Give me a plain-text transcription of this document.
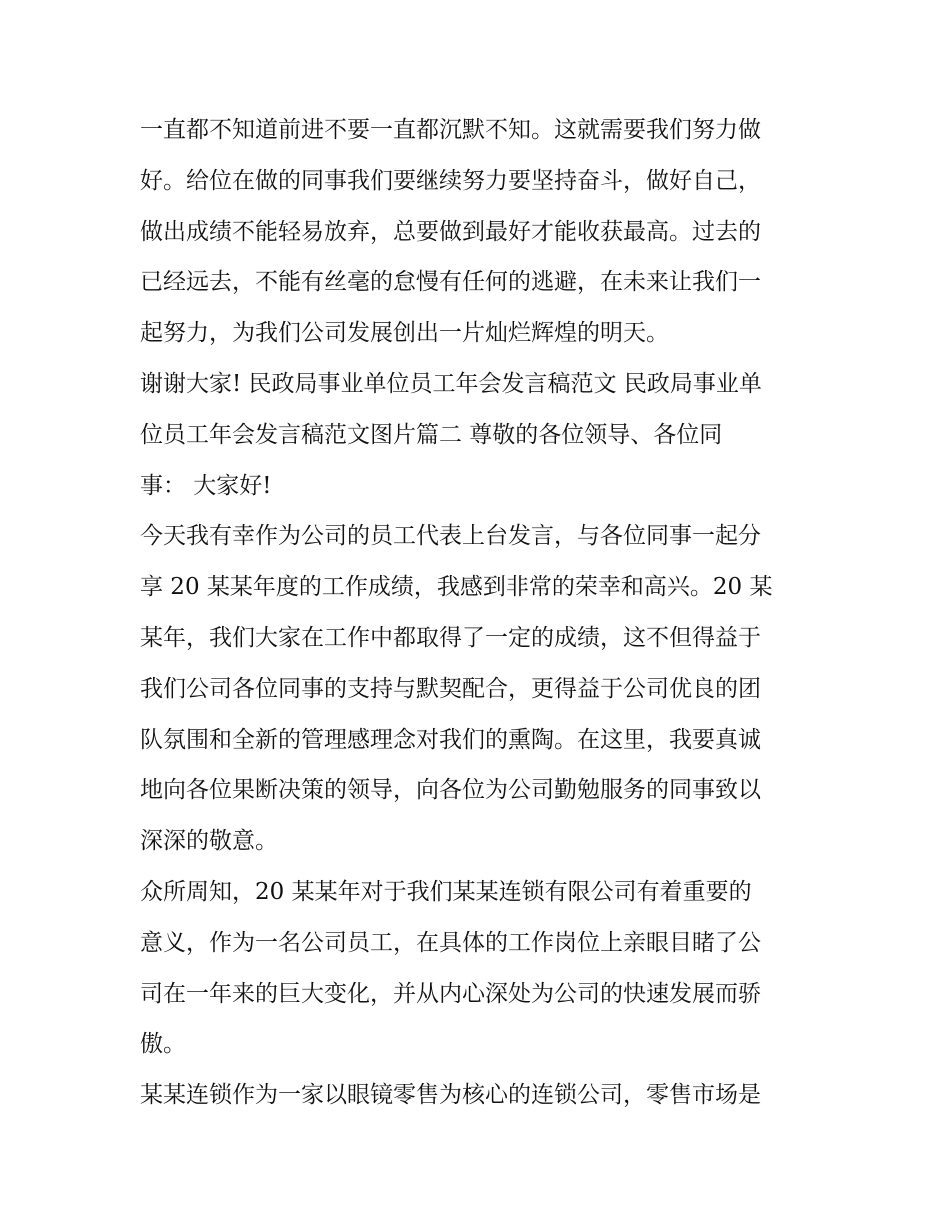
一直都不知道前进不要一直都沉默不知。这就需要我们努力做
好。给位在做的同事我们要继续努力要坚持奋斗，做好自己，
做出成绩不能轻易放弃，总要做到最好才能收获最高。过去的
已经远去，不能有丝毫的怠慢有任何的逃避，在未来让我们一
起努力，为我们公司发展创出一片灿烂辉煌的明天。
谢谢大家! 民政局事业单位员工年会发言稿范文 民政局事业单
位员工年会发言稿范文图片篇二 尊敬的各位领导、各位同
事： 大家好!
今天我有幸作为公司的员工代表上台发言，与各位同事一起分
享 20 某某年度的工作成绩，我感到非常的荣幸和高兴。20 某
某年，我们大家在工作中都取得了一定的成绩，这不但得益于
我们公司各位同事的支持与默契配合，更得益于公司优良的团
队氛围和全新的管理感理念对我们的熏陶。在这里，我要真诚
地向各位果断决策的领导，向各位为公司勤勉服务的同事致以
深深的敬意。
众所周知，20 某某年对于我们某某连锁有限公司有着重要的
意义，作为一名公司员工，在具体的工作岗位上亲眼目睹了公
司在一年来的巨大变化，并从内心深处为公司的快速发展而骄
傲。
某某连锁作为一家以眼镜零售为核心的连锁公司，零售市场是
